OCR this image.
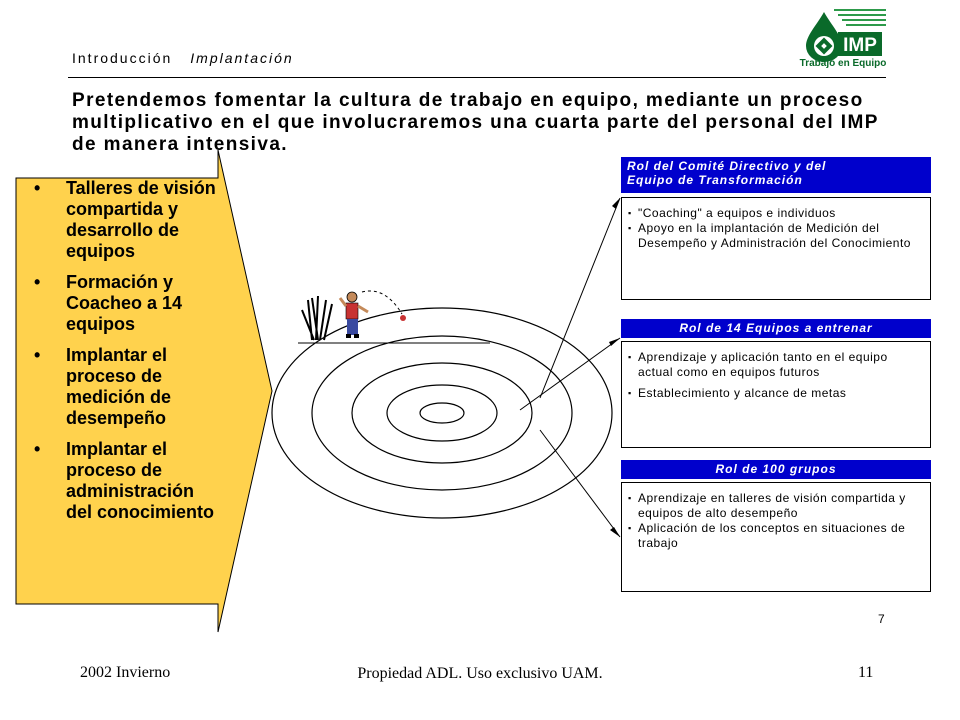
Introducción Implantación
IMP
Trabajo en Equipo
Pretendemos fomentar la cultura de trabajo en equipo, mediante un proceso multiplicativo en el que involucraremos una cuarta parte del personal del IMP de manera intensiva.
• Talleres de visión compartida y desarrollo de equipos
• Formación y Coacheo a 14 equipos
• Implantar el proceso de medición de desempeño
• Implantar el proceso de administración del conocimiento
Rol del Comité Directivo y del
Equipo de Transformación
▪ "Coaching" a equipos e individuos
▪ Apoyo en la implantación de Medición del Desempeño y Administración del Conocimiento
Rol de 14 Equipos a entrenar
▪ Aprendizaje y aplicación tanto en el equipo actual como en equipos futuros
▪ Establecimiento y alcance de metas
Rol de 100 grupos
▪ Aprendizaje en talleres de visión compartida y equipos de alto desempeño
▪ Aplicación de los conceptos en situaciones de trabajo
7
2002 Invierno	Propiedad ADL. Uso exclusivo UAM.	11
